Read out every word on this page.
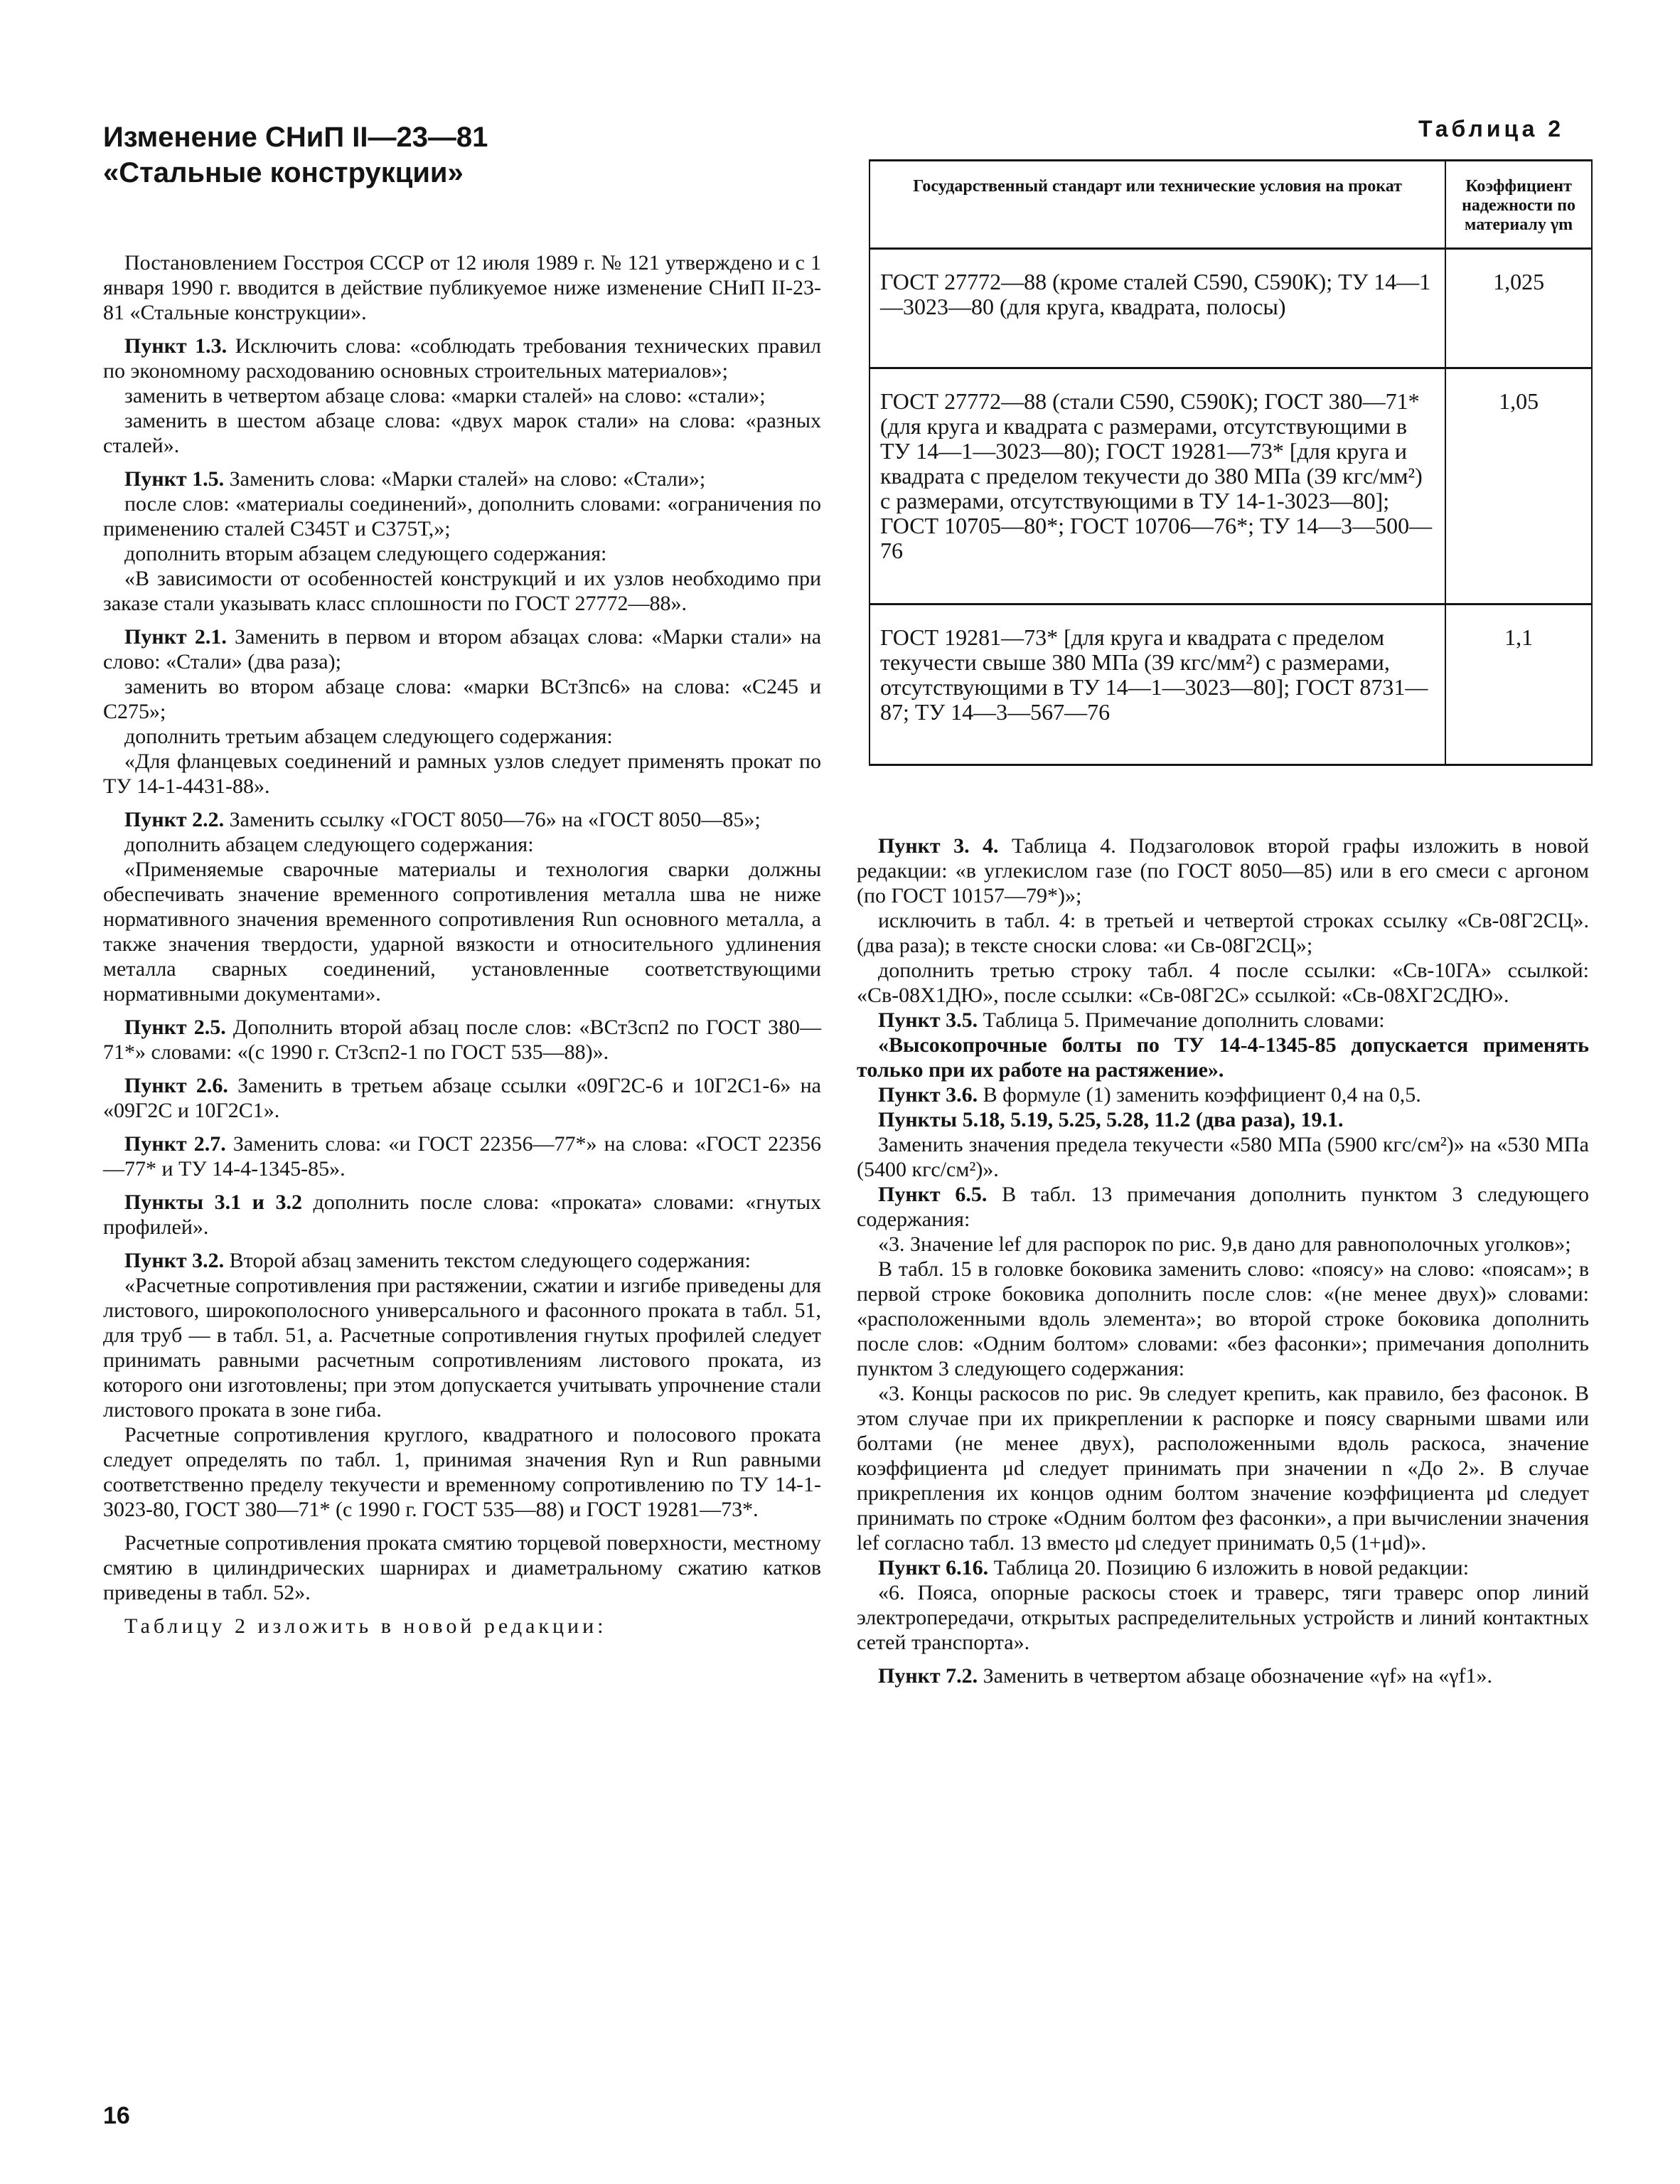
Изменение СНиП II—23—81
«Стальные конструкции»

Постановлением Госстроя СССР от 12 июля 1989 г. № 121 утверждено и с 1 января 1990 г. вводится в действие публикуемое ниже изменение СНиП II-23-81 «Стальные конструкции».

Пункт 1.3. Исключить слова: «соблюдать требования технических правил по экономному расходованию основных строительных материалов»;

заменить в четвертом абзаце слова: «марки сталей» на слово: «стали»;

заменить в шестом абзаце слова: «двух марок стали» на слова: «разных сталей».

Пункт 1.5. Заменить слова: «Марки сталей» на слово: «Стали»;

после слов: «материалы соединений», дополнить словами: «ограничения по применению сталей С345Т и С375Т,»;

дополнить вторым абзацем следующего содержания:

«В зависимости от особенностей конструкций и их узлов необходимо при заказе стали указывать класс сплошности по ГОСТ 27772—88».

Пункт 2.1. Заменить в первом и втором абзацах слова: «Марки стали» на слово: «Стали» (два раза);

заменить во втором абзаце слова: «марки ВСт3пс6» на слова: «С245 и С275»;

дополнить третьим абзацем следующего содержания:

«Для фланцевых соединений и рамных узлов следует применять прокат по ТУ 14-1-4431-88».

Пункт 2.2. Заменить ссылку «ГОСТ 8050—76» на «ГОСТ 8050—85»;

дополнить абзацем следующего содержания:

«Применяемые сварочные материалы и технология сварки должны обеспечивать значение временного сопротивления металла шва не ниже нормативного значения временного сопротивления Run основного металла, а также значения твердости, ударной вязкости и относительного удлинения металла сварных соединений, установленные соответствующими нормативными документами».

Пункт 2.5. Дополнить второй абзац после слов: «ВСт3сп2 по ГОСТ 380—71*» словами: «(с 1990 г. Ст3сп2-1 по ГОСТ 535—88)».

Пункт 2.6. Заменить в третьем абзаце ссылки «09Г2С-6 и 10Г2С1-6» на «09Г2С и 10Г2С1».

Пункт 2.7. Заменить слова: «и ГОСТ 22356—77*» на слова: «ГОСТ 22356—77* и ТУ 14-4-1345-85».

Пункты 3.1 и 3.2 дополнить после слова: «проката» словами: «гнутых профилей».

Пункт 3.2. Второй абзац заменить текстом следующего содержания:

«Расчетные сопротивления при растяжении, сжатии и изгибе приведены для листового, широкополосного универсального и фасонного проката в табл. 51, для труб — в табл. 51, а. Расчетные сопротивления гнутых профилей следует принимать равными расчетным сопротивлениям листового проката, из которого они изготовлены; при этом допускается учитывать упрочнение стали листового проката в зоне гиба.

Расчетные сопротивления круглого, квадратного и полосового проката следует определять по табл. 1, принимая значения Ryn и Run равными соответственно пределу текучести и временному сопротивлению по ТУ 14-1-3023-80, ГОСТ 380—71* (с 1990 г. ГОСТ 535—88) и ГОСТ 19281—73*.

Расчетные сопротивления проката смятию торцевой поверхности, местному смятию в цилиндрических шарнирах и диаметральному сжатию катков приведены в табл. 52».

Таблицу 2 изложить в новой редакции:

Таблица 2
Государственный стандарт или технические условия на прокат	Коэффициент надежности по материалу γm
ГОСТ 27772—88 (кроме сталей С590, С590К); ТУ 14—1—3023—80 (для круга, квадрата, полосы)	1,025
ГОСТ 27772—88 (стали С590, С590К); ГОСТ 380—71* (для круга и квадрата с размерами, отсутствующими в ТУ 14—1—3023—80); ГОСТ 19281—73* [для круга и квадрата с пределом текучести до 380 МПа (39 кгс/мм²) с размерами, отсутствующими в ТУ 14-1-3023—80]; ГОСТ 10705—80*; ГОСТ 10706—76*; ТУ 14—3—500—76	1,05
ГОСТ 19281—73* [для круга и квадрата с пределом текучести свыше 380 МПа (39 кгс/мм²) с размерами, отсутствующими в ТУ 14—1—3023—80]; ГОСТ 8731—87; ТУ 14—3—567—76	1,1

Пункт 3. 4. Таблица 4. Подзаголовок второй графы изложить в новой редакции: «в углекислом газе (по ГОСТ 8050—85) или в его смеси с аргоном (по ГОСТ 10157—79*)»;

исключить в табл. 4: в третьей и четвертой строках ссылку «Св-08Г2СЦ». (два раза); в тексте сноски слова: «и Св-08Г2СЦ»;

дополнить третью строку табл. 4 после ссылки: «Св-10ГА» ссылкой: «Св-08Х1ДЮ», после ссылки: «Св-08Г2С» ссылкой: «Св-08ХГ2СДЮ».

Пункт 3.5. Таблица 5. Примечание дополнить словами:

«Высокопрочные болты по ТУ 14-4-1345-85 допускается применять только при их работе на растяжение».

Пункт 3.6. В формуле (1) заменить коэффициент 0,4 на 0,5.

Пункты 5.18, 5.19, 5.25, 5.28, 11.2 (два раза), 19.1.

Заменить значения предела текучести «580 МПа (5900 кгс/см²)» на «530 МПа (5400 кгс/см²)».

Пункт 6.5. В табл. 13 примечания дополнить пунктом 3 следующего содержания:

«3. Значение lef для распорок по рис. 9,в дано для равнополочных уголков»;

В табл. 15 в головке боковика заменить слово: «поясу» на слово: «поясам»; в первой строке боковика дополнить после слов: «(не менее двух)» словами: «расположенными вдоль элемента»; во второй строке боковика дополнить после слов: «Одним болтом» словами: «без фасонки»; примечания дополнить пунктом 3 следующего содержания:

«3. Концы раскосов по рис. 9в следует крепить, как правило, без фасонок. В этом случае при их прикреплении к распорке и поясу сварными швами или болтами (не менее двух), расположенными вдоль раскоса, значение коэффициента μd следует принимать при значении n «До 2». В случае прикрепления их концов одним болтом значение коэффициента μd следует принимать по строке «Одним болтом фез фасонки», а при вычислении значения lef согласно табл. 13 вместо μd следует принимать 0,5 (1+μd)».

Пункт 6.16. Таблица 20. Позицию 6 изложить в новой редакции:

«6. Пояса, опорные раскосы стоек и траверс, тяги траверс опор линий электропередачи, открытых распределительных устройств и линий контактных сетей транспорта».

Пункт 7.2. Заменить в четвертом абзаце обозначение «γf» на «γf1».

16
